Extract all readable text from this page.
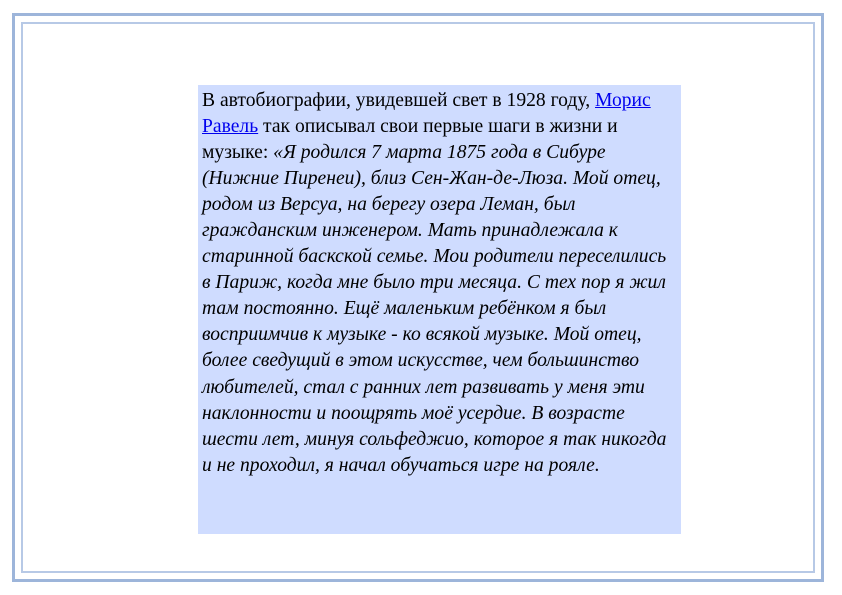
В автобиографии, увидевшей свет в 1928 году, Морис Равель так описывал свои первые шаги в жизни и музыке: «Я родился 7 марта 1875 года в Сибуре (Нижние Пиренеи), близ Сен-Жан-де-Люза. Мой отец, родом из Версуа, на берегу озера Леман, был гражданским инженером. Мать принадлежала к старинной баскской семье. Мои родители переселились в Париж, когда мне было три месяца. С тех пор я жил там постоянно. Ещё маленьким ребёнком я был восприимчив к музыке - ко всякой музыке. Мой отец, более сведущий в этом искусстве, чем большинство любителей, стал с ранних лет развивать у меня эти наклонности и поощрять моё усердие. В возрасте шести лет, минуя сольфеджио, которое я так никогда и не проходил, я начал обучаться игре на рояле.
